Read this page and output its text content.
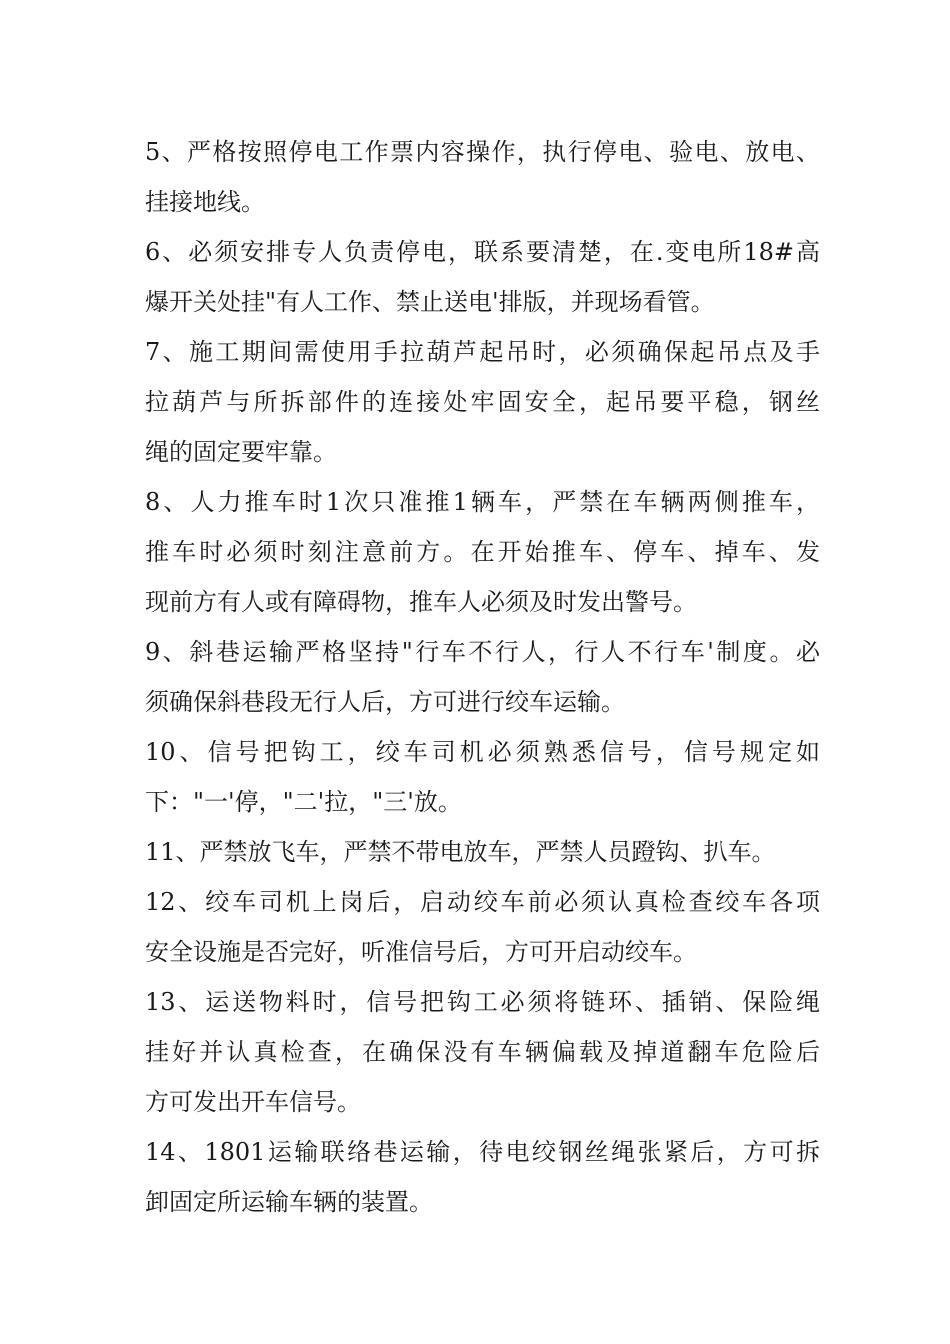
5、严格按照停电工作票内容操作，执行停电、验电、放电、
挂接地线。
6、必须安排专人负责停电，联系要清楚，在.变电所18#高
爆开关处挂"有人工作、禁止送电'排版，并现场看管。
7、施工期间需使用手拉葫芦起吊时，必须确保起吊点及手
拉葫芦与所拆部件的连接处牢固安全，起吊要平稳，钢丝
绳的固定要牢靠。
8、人力推车时1次只准推1辆车，严禁在车辆两侧推车，
推车时必须时刻注意前方。在开始推车、停车、掉车、发
现前方有人或有障碍物，推车人必须及时发出警号。
9、斜巷运输严格坚持"行车不行人，行人不行车'制度。必
须确保斜巷段无行人后，方可进行绞车运输。
10、信号把钩工，绞车司机必须熟悉信号，信号规定如
下："一'停，"二'拉，"三'放。
11、严禁放飞车，严禁不带电放车，严禁人员蹬钩、扒车。
12、绞车司机上岗后，启动绞车前必须认真检查绞车各项
安全设施是否完好，听准信号后，方可开启动绞车。
13、运送物料时，信号把钩工必须将链环、插销、保险绳
挂好并认真检查，在确保没有车辆偏载及掉道翻车危险后
方可发出开车信号。
14、1801运输联络巷运输，待电绞钢丝绳张紧后，方可拆
卸固定所运输车辆的装置。
